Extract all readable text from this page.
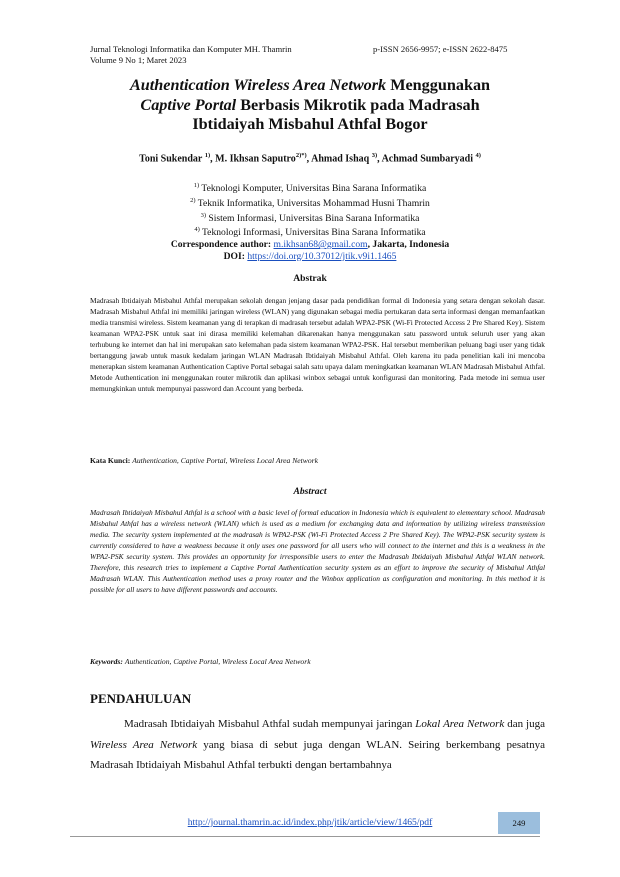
Jurnal Teknologi Informatika dan Komputer MH. Thamrin	p-ISSN 2656-9957; e-ISSN 2622-8475
Volume 9 No 1; Maret 2023
Authentication Wireless Area Network Menggunakan
Captive Portal Berbasis Mikrotik pada Madrasah
Ibtidaiyah Misbahul Athfal Bogor
Toni Sukendar $^{1)}$, M. Ikhsan Saputro$^{2)*)}$, Ahmad Ishaq $^{3)}$, Achmad Sumbaryadi $^{4)}$
$^{1)}$ Teknologi Komputer, Universitas Bina Sarana Informatika
$^{2)}$ Teknik Informatika, Universitas Mohammad Husni Thamrin
$^{3)}$ Sistem Informasi, Universitas Bina Sarana Informatika
$^{4)}$ Teknologi Informasi, Universitas Bina Sarana Informatika
Correspondence author: m.ikhsan68@gmail.com, Jakarta, Indonesia
DOI: https://doi.org/10.37012/jtik.v9i1.1465
Abstrak
Madrasah Ibtidaiyah Misbahul Athfal merupakan sekolah dengan jenjang dasar pada pendidikan formal di Indonesia yang setara dengan sekolah dasar. Madrasah Misbahul Athfal ini memiliki jaringan wireless (WLAN) yang digunakan sebagai media pertukaran data serta informasi dengan memanfaatkan media transmisi wireless. Sistem keamanan yang di terapkan di madrasah tersebut adalah WPA2-PSK (Wi-Fi Protected Access 2 Pre Shared Key). Sistem keamanan WPA2-PSK untuk saat ini dirasa memiliki kelemahan dikarenakan hanya menggunakan satu password untuk seluruh user yang akan terhubung ke internet dan hal ini merupakan sato kelemahan pada sistem keamanan WPA2-PSK. Hal tersebut memberikan peluang bagi user yang tidak bertanggung jawab untuk masuk kedalam jaringan WLAN Madrasah Ibtidaiyah Misbahul Athfal. Oleh karena itu pada penelitian kali ini mencoba menerapkan sistem keamanan Authentication Captive Portal sebagai salah satu upaya dalam meningkatkan keamanan WLAN Madrasah Misbahul Athfal. Metode Authentication ini menggunakan router mikrotik dan aplikasi winbox sebagai untuk konfigurasi dan monitoring. Pada metode ini semua user memungkinkan untuk mempunyai password dan Account yang berbeda.
Kata Kunci: Authentication, Captive Portal, Wireless Local Area Network
Abstract
Madrasah Ibtidaiyah Misbahul Athfal is a school with a basic level of formal education in Indonesia which is equivalent to elementary school. Madrasah Misbahul Athfal has a wireless network (WLAN) which is used as a medium for exchanging data and information by utilizing wireless transmission media. The security system implemented at the madrasah is WPA2-PSK (Wi-Fi Protected Access 2 Pre Shared Key). The WPA2-PSK security system is currently considered to have a weakness because it only uses one password for all users who will connect to the internet and this is a weakness in the WPA2-PSK security system. This provides an opportunity for irresponsible users to enter the Madrasah Ibtidaiyah Misbahul Athfal WLAN network. Therefore, this research tries to implement a Captive Portal Authentication security system as an effort to improve the security of Misbahul Athfal Madrasah WLAN. This Authentication method uses a proxy router and the Winbox application as configuration and monitoring. In this method it is possible for all users to have different passwords and accounts.
Keywords: Authentication, Captive Portal, Wireless Local Area Network
PENDAHULUAN
Madrasah Ibtidaiyah Misbahul Athfal sudah mempunyai jaringan Lokal Area Network dan juga Wireless Area Network yang biasa di sebut juga dengan WLAN. Seiring berkembang pesatnya Madrasah Ibtidaiyah Misbahul Athfal terbukti dengan bertambahnya
http://journal.thamrin.ac.id/index.php/jtik/article/view/1465/pdf	249
